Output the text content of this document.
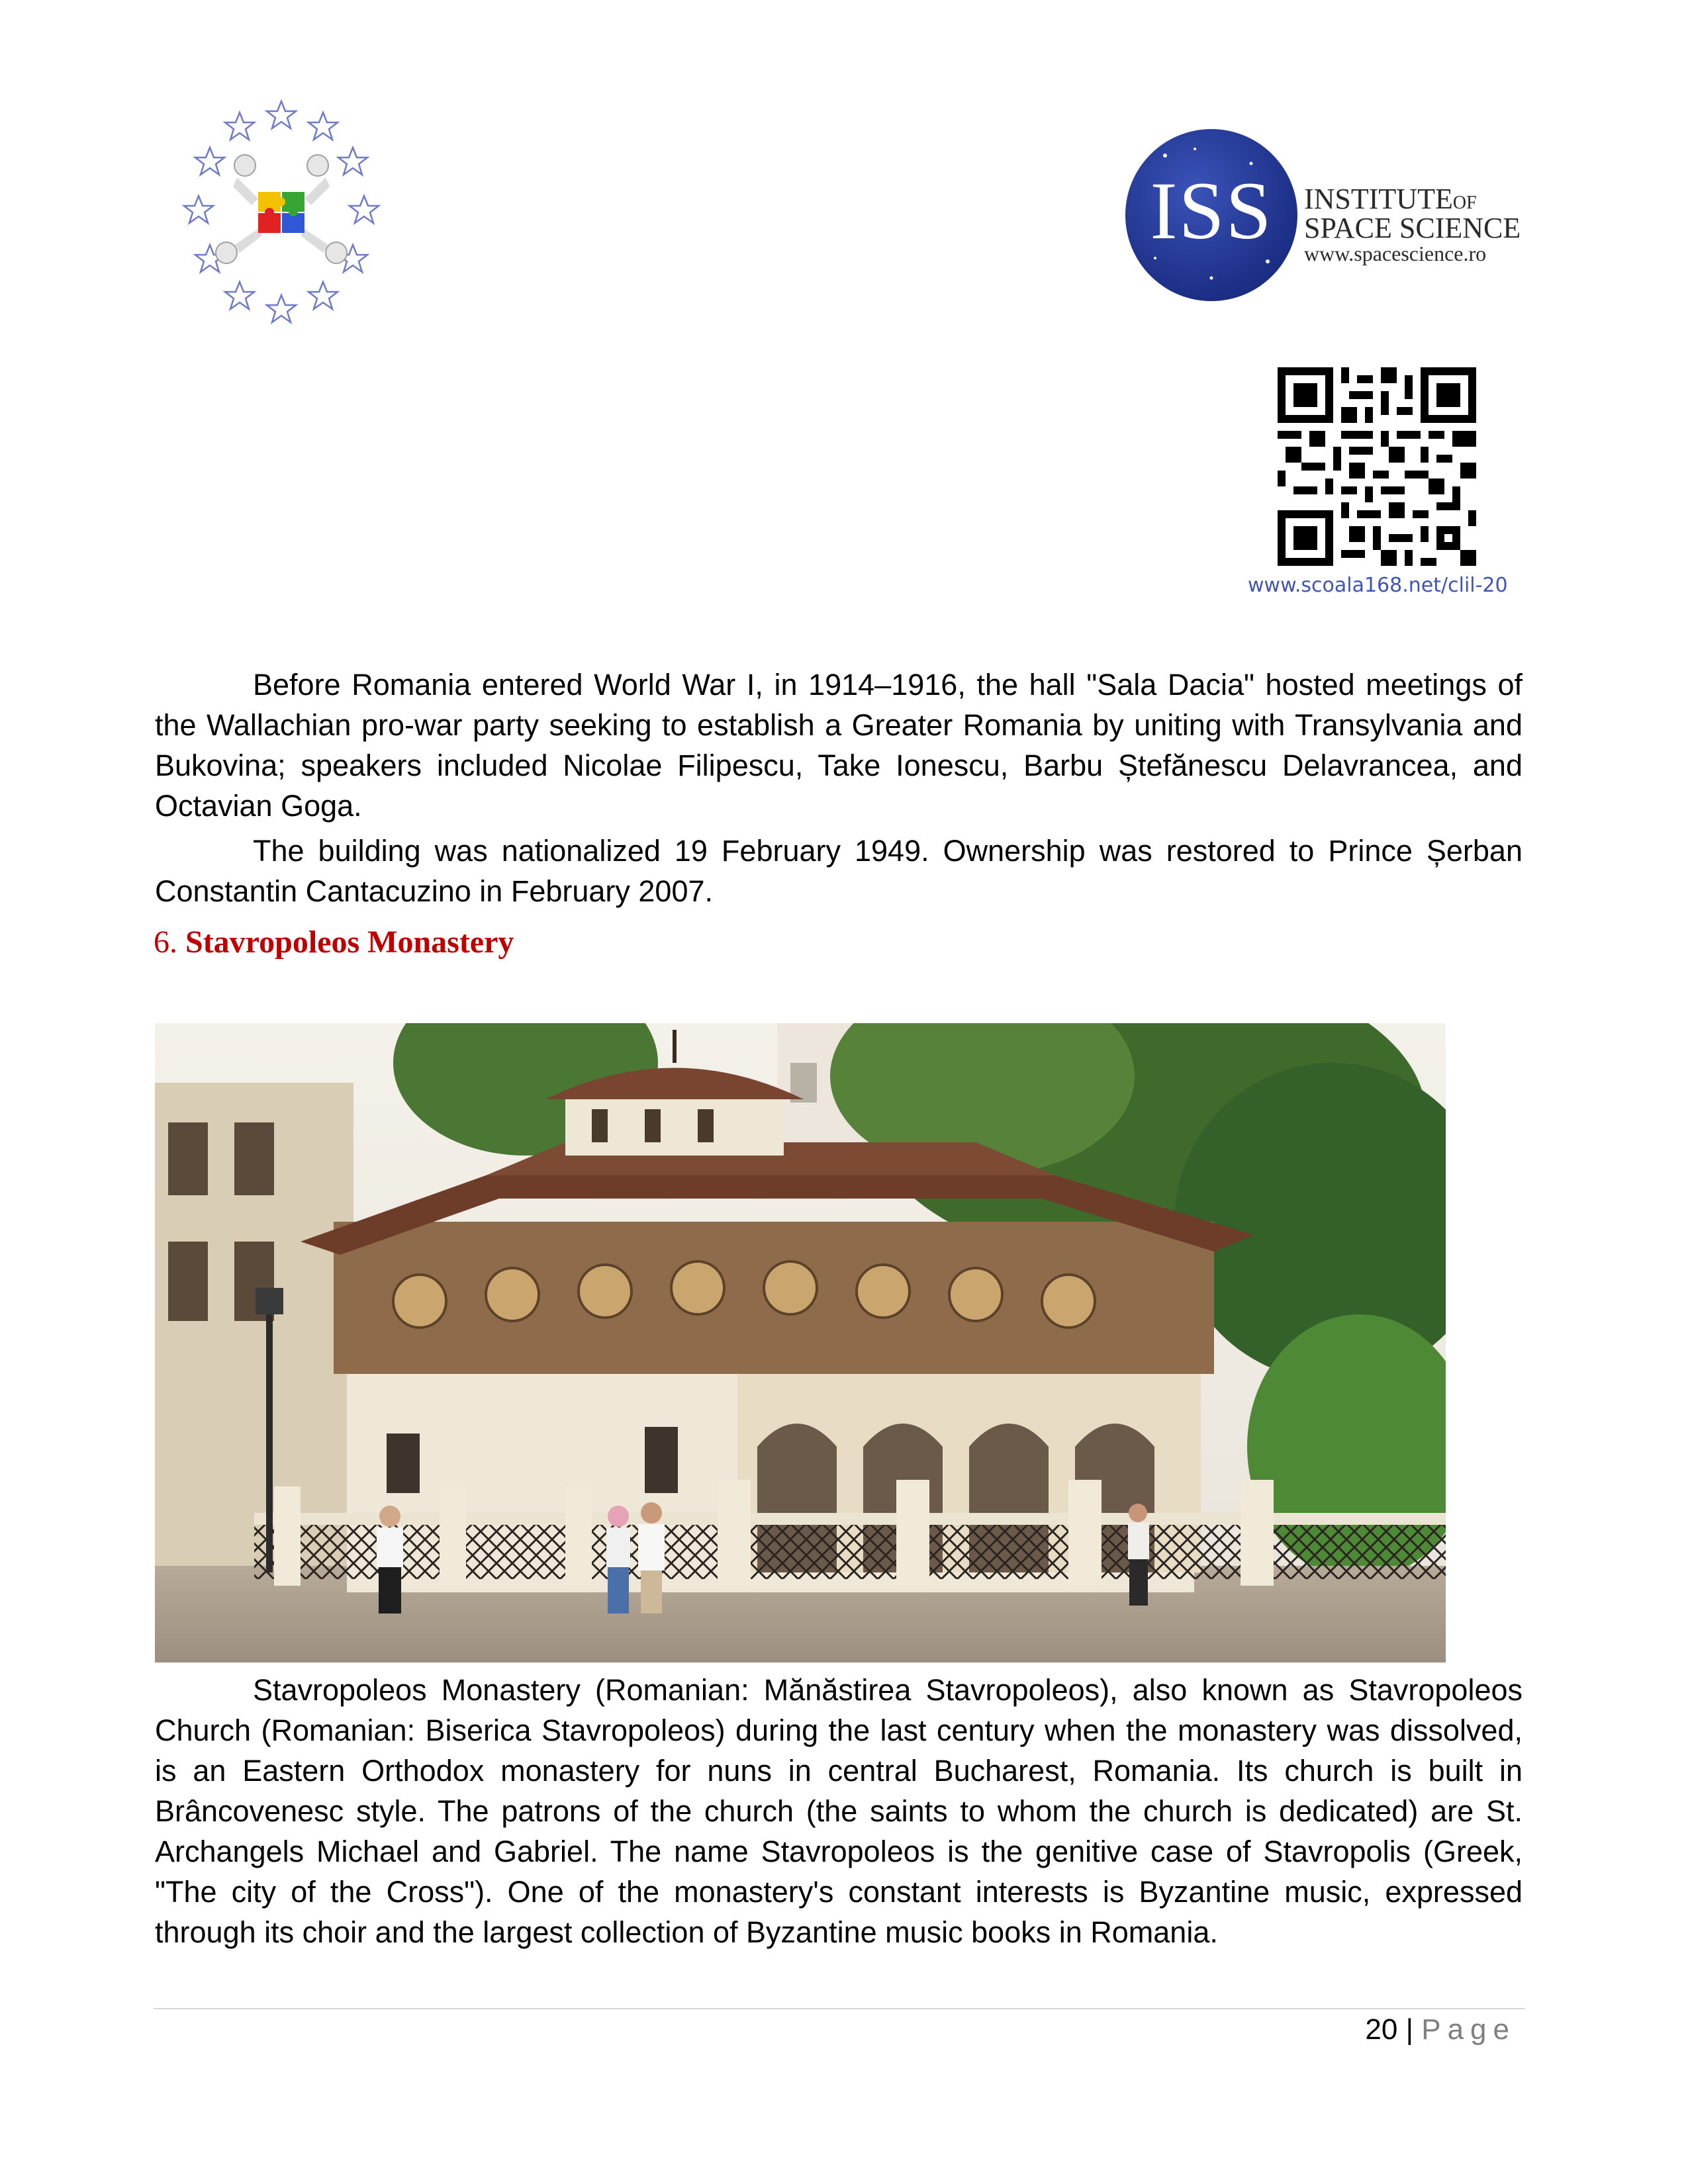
ISS	INSTITUTEOF
SPACE SCIENCE
www.spacescience.ro
www.scoala168.net/clil-20
Before Romania entered World War I, in 1914–1916, the hall "Sala Dacia" hosted meetings of the Wallachian pro-war party seeking to establish a Greater Romania by uniting with Transylvania and Bukovina; speakers included Nicolae Filipescu, Take Ionescu, Barbu Ștefănescu Delavrancea, and Octavian Goga.
The building was nationalized 19 February 1949. Ownership was restored to Prince Șerban Constantin Cantacuzino in February 2007.
6. Stavropoleos Monastery
Stavropoleos Monastery (Romanian: Mănăstirea Stavropoleos), also known as Stavropoleos Church (Romanian: Biserica Stavropoleos) during the last century when the monastery was dissolved, is an Eastern Orthodox monastery for nuns in central Bucharest, Romania. Its church is built in Brâncovenesc style. The patrons of the church (the saints to whom the church is dedicated) are St. Archangels Michael and Gabriel. The name Stavropoleos is the genitive case of Stavropolis (Greek, "The city of the Cross"). One of the monastery's constant interests is Byzantine music, expressed through its choir and the largest collection of Byzantine music books in Romania.
20 | Page
